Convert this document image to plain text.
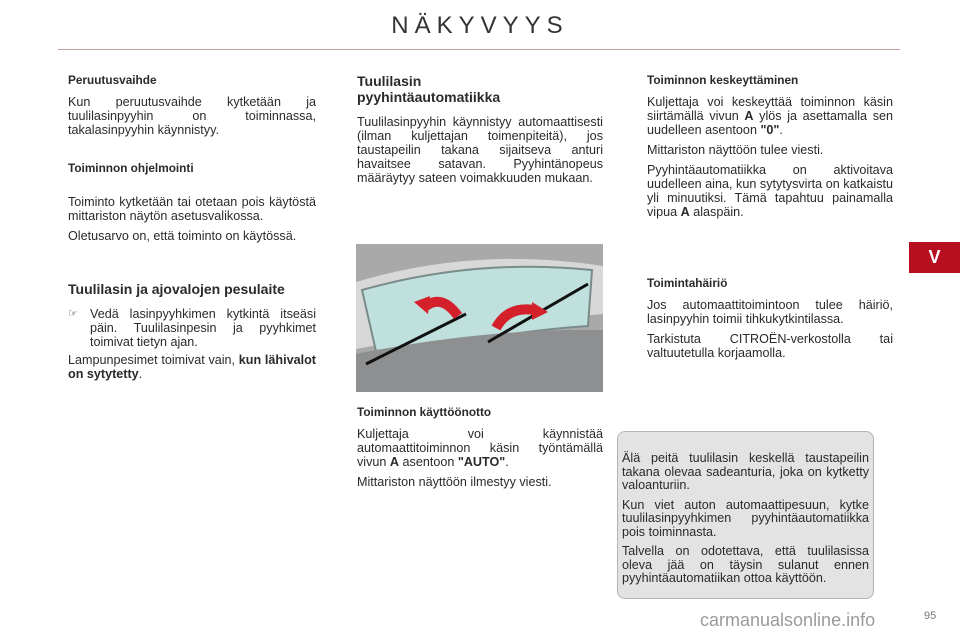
NÄKYVYYS
V
Peruutusvaihde

Kun peruutusvaihde kytketään ja tuulilasinpyyhin on toiminnassa, takalasinpyyhin käynnistyy.

Toiminnon ohjelmointi

Toiminto kytketään tai otetaan pois käytöstä mittariston näytön asetusvalikossa.

Oletusarvo on, että toiminto on käytössä.

Tuulilasin ja ajovalojen pesulaite
☞ Vedä lasinpyyhkimen kytkintä itseäsi päin. Tuulilasinpesin ja pyyhkimet toimivat tietyn ajan.

Lampunpesimet toimivat vain, kun lähivalot on sytytetty.

Tuulilasin pyyhintäautomatiikka

Tuulilasinpyyhin käynnistyy automaattisesti (ilman kuljettajan toimenpiteitä), jos taustapeilin takana sijaitseva anturi havaitsee satavan. Pyyhintänopeus määräytyy sateen voimakkuuden mukaan.

Toiminnon käyttöönotto

Kuljettaja voi käynnistää automaattitoiminnon käsin työntämällä vivun A asentoon "AUTO".

Mittariston näyttöön ilmestyy viesti.

Toiminnon keskeyttäminen

Kuljettaja voi keskeyttää toiminnon käsin siirtämällä vivun A ylös ja asettamalla sen uudelleen asentoon "0".

Mittariston näyttöön tulee viesti.

Pyyhintäautomatiikka on aktivoitava uudelleen aina, kun sytytysvirta on katkaistu yli minuutiksi. Tämä tapahtuu painamalla vipua A alaspäin.

Toimintahäiriö

Jos automaattitoimintoon tulee häiriö, lasinpyyhin toimii tihkukytkintilassa.

Tarkistuta CITROËN-verkostolla tai valtuutetulla korjaamolla.

Älä peitä tuulilasin keskellä taustapeilin takana olevaa sadeanturia, joka on kytketty valoanturiin.

Kun viet auton automaattipesuun, kytke tuulilasinpyyhkimen pyyhintäautomatiikka pois toiminnasta.

Talvella on odotettava, että tuulilasissa oleva jää on täysin sulanut ennen pyyhintäautomatiikan ottoa käyttöön.

carmanualsonline.info	95
